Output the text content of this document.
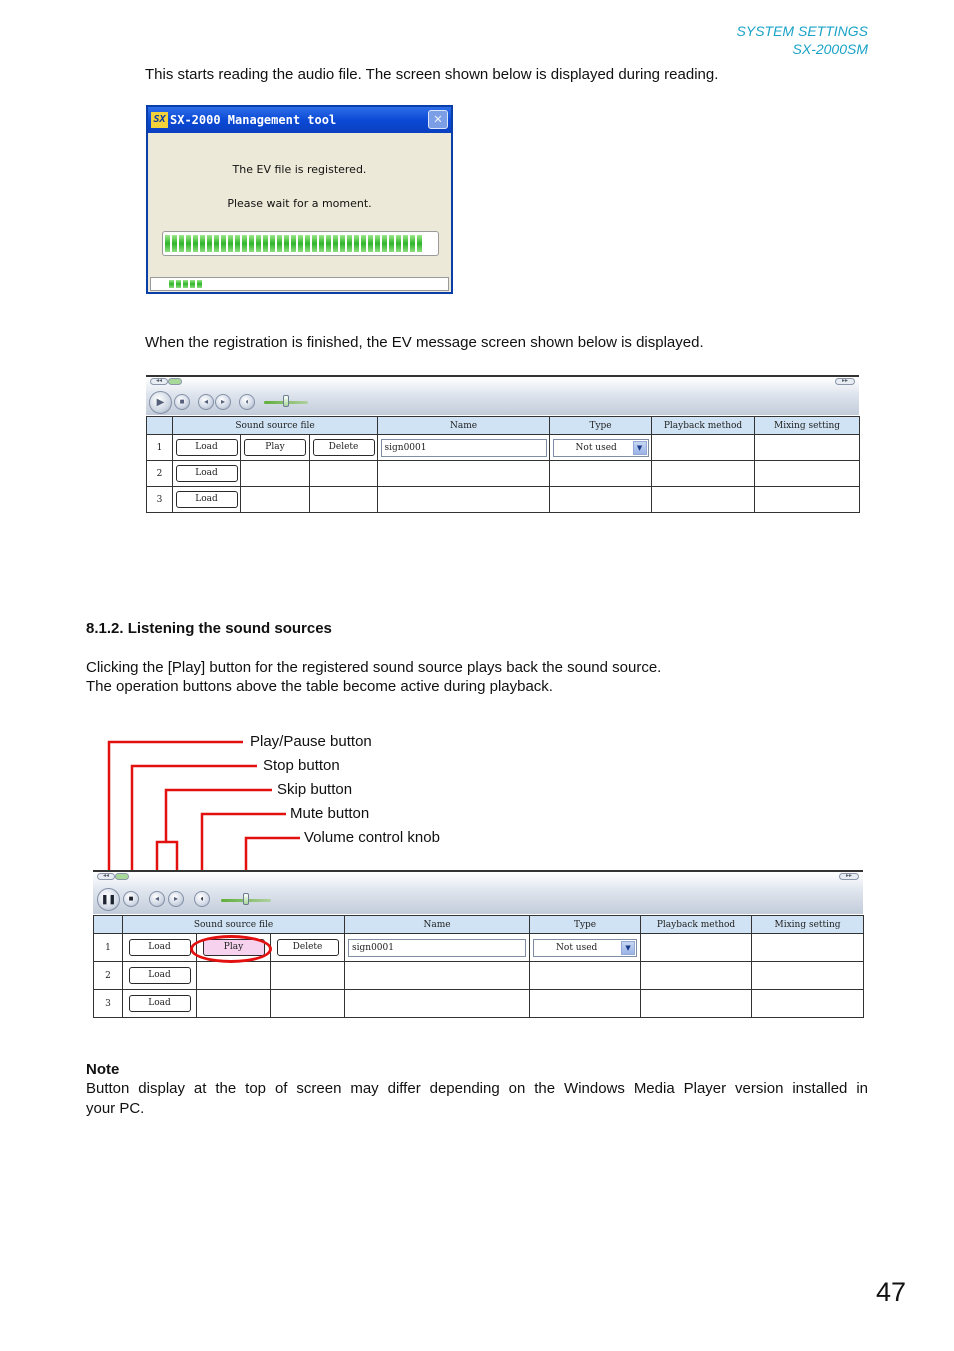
SYSTEM SETTINGS
SX-2000SM
This starts reading the audio file. The screen shown below is displayed during reading.
SX SX-2000 Management tool	✕
The EV file is registered.
Please wait for a moment.
When the registration is finished, the EV message screen shown below is displayed.
◂◂	▸▸
▶	■	◂	▸	◖
	Sound source file			Name	Type	Playback method	Mixing setting
1	Load	Play	Delete	sign0001	Not used ▼		

2	Load						
3	Load						
8.1.2. Listening the sound sources
Clicking the [Play] button for the registered sound source plays back the sound source.
The operation buttons above the table become active during playback.
Play/Pause button
Stop button
Skip button
Mute button
Volume control knob
◂◂	▸▸
❚❚	■	◂	▸	◖
	Sound source file			Name	Type	Playback method	Mixing setting
1	Load	Play	Delete	sign0001	Not used ▼		

2	Load						
3	Load						
Note
Button display at the top of screen may differ depending on the Windows Media Player version installed in
your PC.
47
